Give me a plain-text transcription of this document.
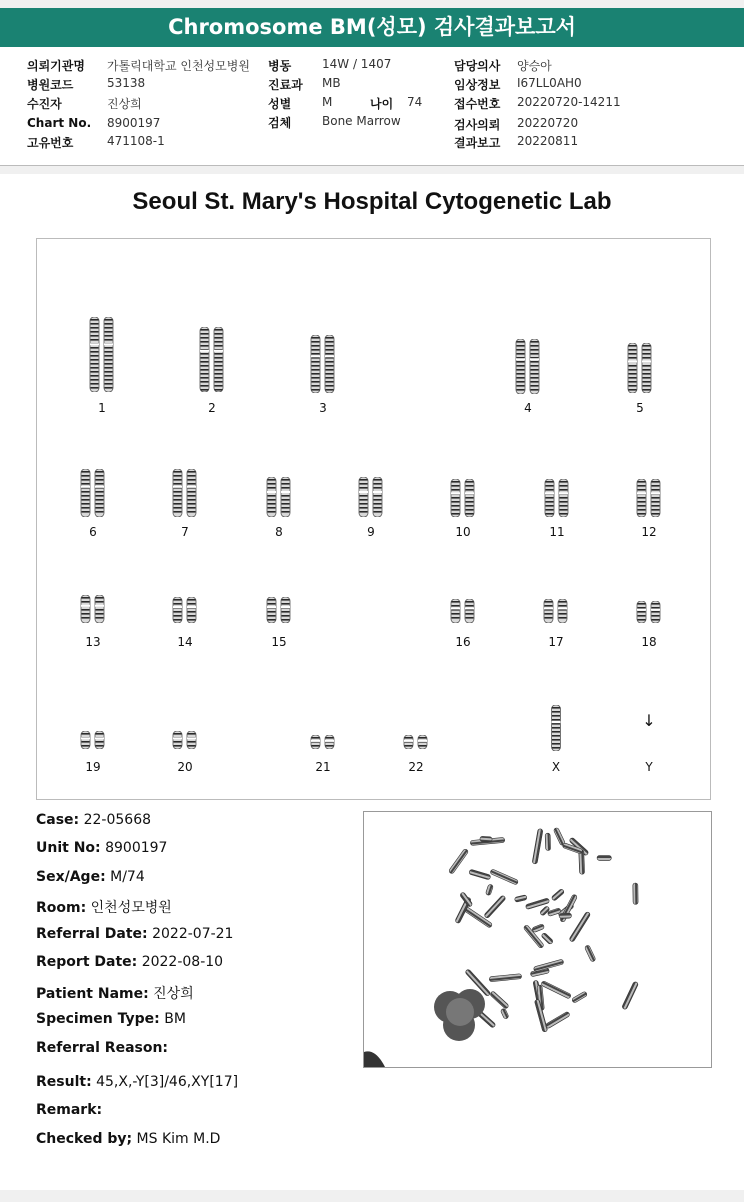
Chromosome BM(성모) 검사결과보고서
의뢰기관명 가톨릭대학교 인천성모병원
병원코드	53138
수진자	진상희
Chart No. 8900197
고유번호	471108-1
병동	14W / 1407
진료과 MB
성별	M	나이 74
검체	Bone Marrow
담당의사 양승아
임상정보 I67LL0AH0
접수번호 20220720-14211
검사의뢰 20220720
결과보고 20220811
Seoul St. Mary's Hospital Cytogenetic Lab
1	2	3	4	5
6	7	8	9	10	11	12
13	14	15	16	17	18
19	20	21	22	X
↓
Y
Case: 22-05668
Unit No: 8900197
Sex/Age: M/74
Room: 인천성모병원
Referral Date: 2022-07-21
Report Date: 2022-08-10
Patient Name: 진상희
Specimen Type: BM
Referral Reason:
Result: 45,X,-Y[3]/46,XY[17]
Remark:
Checked by; MS Kim M.D
